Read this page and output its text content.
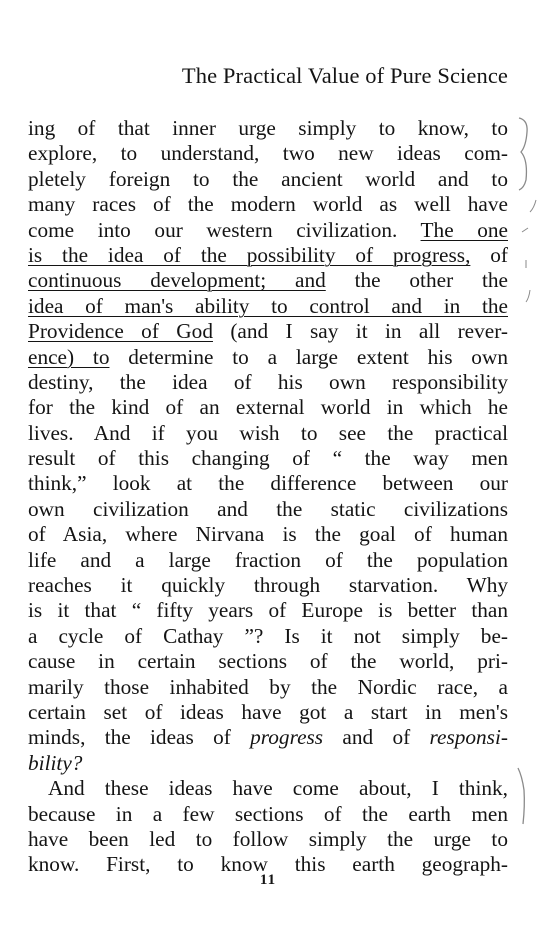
The Practical Value of Pure Science
ing of that inner urge simply to know, to
explore, to understand, two new ideas com-
pletely foreign to the ancient world and to
many races of the modern world as well have
come into our western civilization. The one
is the idea of the possibility of progress, of
continuous development; and the other the
idea of man's ability to control and in the
Providence of God (and I say it in all rever-
ence) to determine to a large extent his own
destiny, the idea of his own responsibility
for the kind of an external world in which he
lives. And if you wish to see the practical
result of this changing of “ the way men
think,” look at the difference between our
own civilization and the static civilizations
of Asia, where Nirvana is the goal of human
life and a large fraction of the population
reaches it quickly through starvation. Why
is it that “ fifty years of Europe is better than
a cycle of Cathay ”? Is it not simply be-
cause in certain sections of the world, pri-
marily those inhabited by the Nordic race, a
certain set of ideas have got a start in men's
minds, the ideas of progress and of responsi-
bility?
And these ideas have come about, I think,
because in a few sections of the earth men
have been led to follow simply the urge to
know. First, to know this earth geograph-
11
